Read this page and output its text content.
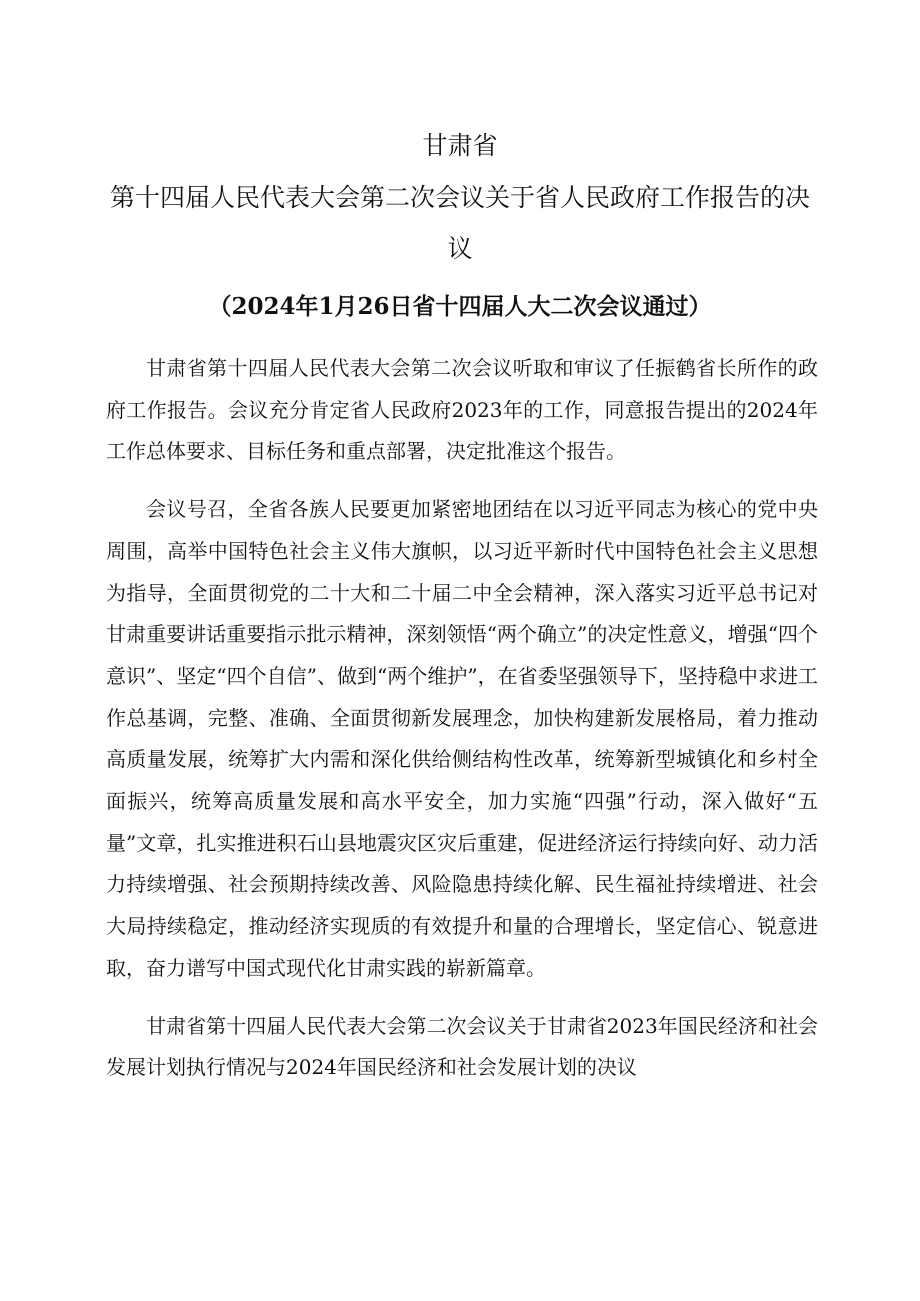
甘肃省
第十四届人民代表大会第二次会议关于省人民政府工作报告的决
议
（2024年1月26日省十四届人大二次会议通过）

甘肃省第十四届人民代表大会第二次会议听取和审议了任振鹤省长所作的政府工作报告。会议充分肯定省人民政府2023年的工作，同意报告提出的2024年工作总体要求、目标任务和重点部署，决定批准这个报告。

会议号召，全省各族人民要更加紧密地团结在以习近平同志为核心的党中央周围，高举中国特色社会主义伟大旗帜，以习近平新时代中国特色社会主义思想为指导，全面贯彻党的二十大和二十届二中全会精神，深入落实习近平总书记对甘肃重要讲话重要指示批示精神，深刻领悟“两个确立”的决定性意义，增强“四个意识”、坚定“四个自信”、做到“两个维护”，在省委坚强领导下，坚持稳中求进工作总基调，完整、准确、全面贯彻新发展理念，加快构建新发展格局，着力推动高质量发展，统筹扩大内需和深化供给侧结构性改革，统筹新型城镇化和乡村全面振兴，统筹高质量发展和高水平安全，加力实施“四强”行动，深入做好“五量”文章，扎实推进积石山县地震灾区灾后重建，促进经济运行持续向好、动力活力持续增强、社会预期持续改善、风险隐患持续化解、民生福祉持续增进、社会大局持续稳定，推动经济实现质的有效提升和量的合理增长，坚定信心、锐意进取，奋力谱写中国式现代化甘肃实践的崭新篇章。

甘肃省第十四届人民代表大会第二次会议关于甘肃省2023年国民经济和社会发展计划执行情况与2024年国民经济和社会发展计划的决议
